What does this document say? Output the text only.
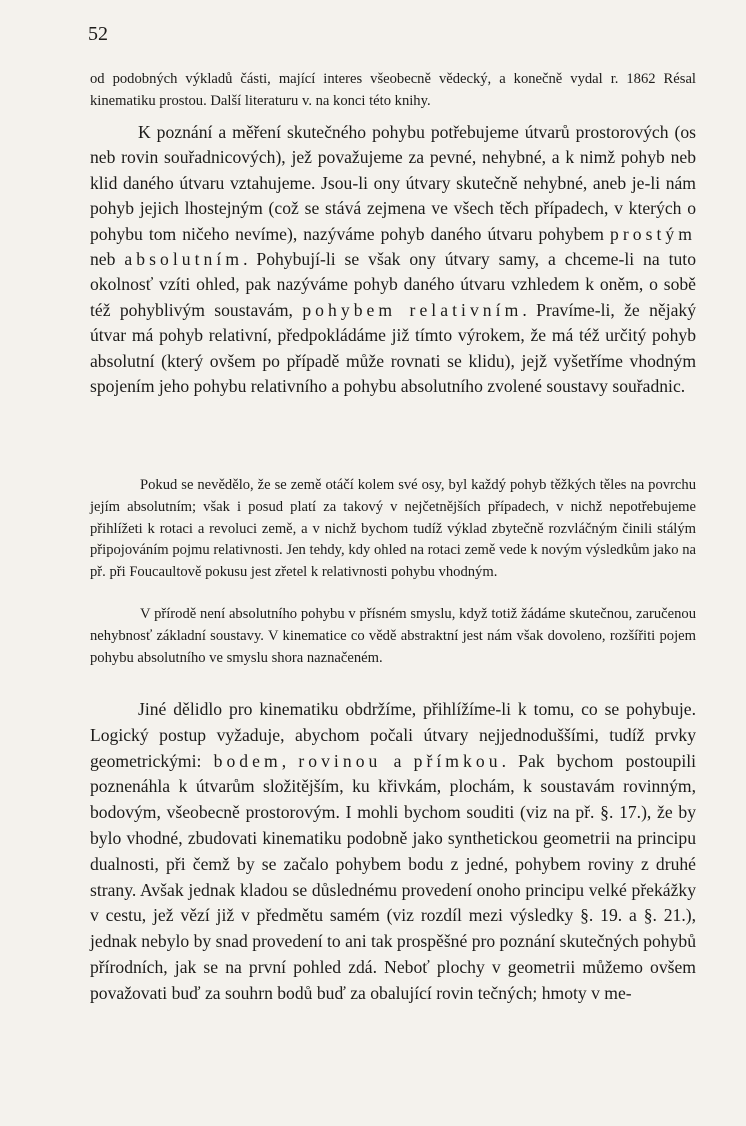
52

od podobných výkladů části, mající interes všeobecně vědecký, a konečně vydal r. 1862 Résal kinematiku prostou. Další literaturu v. na konci této knihy.

K poznání a měření skutečného pohybu potřebujeme útvarů prostorových (os neb rovin souřadnicových), jež považujeme za pevné, nehybné, a k nimž pohyb neb klid daného útvaru vztahujeme. Jsou-li ony útvary skutečně nehybné, aneb je-li nám pohyb jejich lhostejným (což se stává zejmena ve všech těch případech, v kterých o pohybu tom ničeho nevíme), nazýváme pohyb daného útvaru pohybem prostým neb absolutním. Pohybují-li se však ony útvary samy, a chceme-li na tuto okolnosť vzíti ohled, pak nazýváme pohyb daného útvaru vzhledem k oněm, o sobě též pohyblivým soustavám, pohybem relativním. Pravíme-li, že nějaký útvar má pohyb relativní, předpokládáme již tímto výrokem, že má též určitý pohyb absolutní (který ovšem po případě může rovnati se klidu), jejž vyšetříme vhodným spojením jeho pohybu relativního a pohybu absolutního zvolené soustavy souřadnic.

Pokud se nevědělo, že se země otáčí kolem své osy, byl každý pohyb těžkých těles na povrchu jejím absolutním; však i posud platí za takový v nejčetnějších případech, v nichž nepotřebujeme přihlížeti k rotaci a revoluci země, a v nichž bychom tudíž výklad zbytečně rozvláčným činili stálým připojováním pojmu relativnosti. Jen tehdy, kdy ohled na rotaci země vede k novým výsledkům jako na př. při Foucaultově pokusu jest zřetel k relativnosti pohybu vhodným.

V přírodě není absolutního pohybu v přísném smyslu, když totiž žádáme skutečnou, zaručenou nehybnosť základní soustavy. V kinematice co vědě abstraktní jest nám však dovoleno, rozšířiti pojem pohybu absolutního ve smyslu shora naznačeném.

Jiné dělidlo pro kinematiku obdržíme, přihlížíme-li k tomu, co se pohybuje. Logický postup vyžaduje, abychom počali útvary nejjednoduššími, tudíž prvky geometrickými: bodem, rovinou a přímkou. Pak bychom postoupili poznenáhla k útvarům složitějším, ku křivkám, plochám, k soustavám rovinným, bodovým, všeobecně prostorovým. I mohli bychom souditi (viz na př. §. 17.), že by bylo vhodné, zbudovati kinematiku podobně jako synthetickou geometrii na principu dualnosti, při čemž by se začalo pohybem bodu z jedné, pohybem roviny z druhé strany. Avšak jednak kladou se důslednému provedení onoho principu velké překážky v cestu, jež vězí již v předmětu samém (viz rozdíl mezi výsledky §. 19. a §. 21.), jednak nebylo by snad provedení to ani tak prospěšné pro poznání skutečných pohybů přírodních, jak se na první pohled zdá. Neboť plochy v geometrii můžemo ovšem považovati buď za souhrn bodů buď za obalující rovin tečných; hmoty v me-
